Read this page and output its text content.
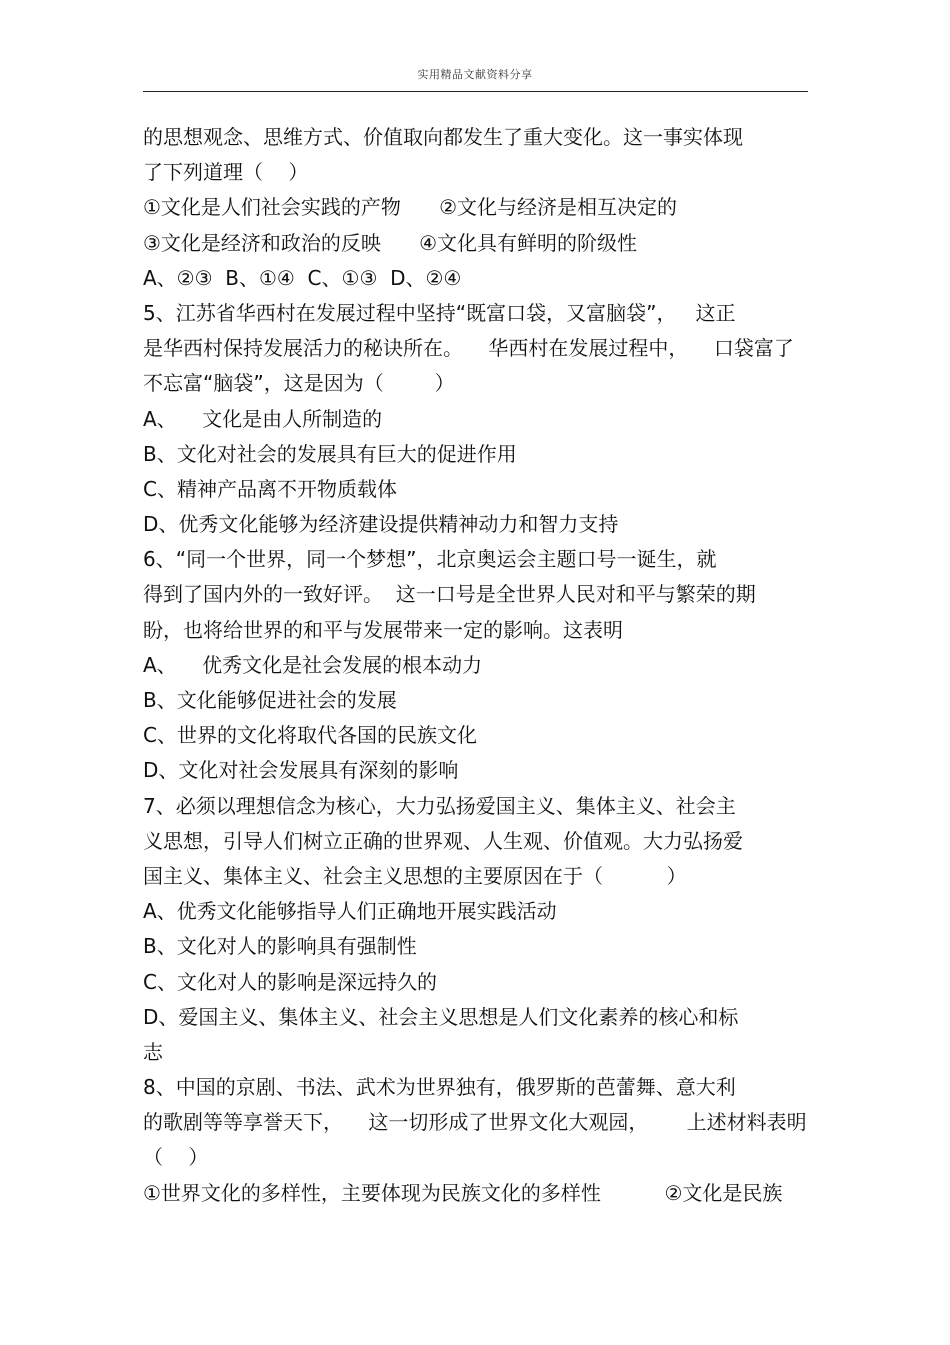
实用精品文献资料分享
的思想观念、思维方式、价值取向都发生了重大变化。这一事实体现
了下列道理（    ）
①文化是人们社会实践的产物      ②文化与经济是相互决定的
③文化是经济和政治的反映      ④文化具有鲜明的阶级性
A、②③  B、①④  C、①③  D、②④
5、江苏省华西村在发展过程中坚持“既富口袋，又富脑袋”，   这正
是华西村保持发展活力的秘诀所在。    华西村在发展过程中，    口袋富了
不忘富“脑袋”，这是因为（        ）
A、    文化是由人所制造的
B、文化对社会的发展具有巨大的促进作用
C、精神产品离不开物质载体
D、优秀文化能够为经济建设提供精神动力和智力支持
6、“同一个世界，同一个梦想”，北京奥运会主题口号一诞生，就
得到了国内外的一致好评。  这一口号是全世界人民对和平与繁荣的期
盼，也将给世界的和平与发展带来一定的影响。这表明
A、    优秀文化是社会发展的根本动力
B、文化能够促进社会的发展
C、世界的文化将取代各国的民族文化
D、文化对社会发展具有深刻的影响
7、必须以理想信念为核心，大力弘扬爱国主义、集体主义、社会主
义思想，引导人们树立正确的世界观、人生观、价值观。大力弘扬爱
国主义、集体主义、社会主义思想的主要原因在于（          ）
A、优秀文化能够指导人们正确地开展实践活动
B、文化对人的影响具有强制性
C、文化对人的影响是深远持久的
D、爱国主义、集体主义、社会主义思想是人们文化素养的核心和标
志
8、中国的京剧、书法、武术为世界独有，俄罗斯的芭蕾舞、意大利
的歌剧等等享誉天下，    这一切形成了世界文化大观园，      上述材料表明
（    ）
①世界文化的多样性，主要体现为民族文化的多样性          ②文化是民族
